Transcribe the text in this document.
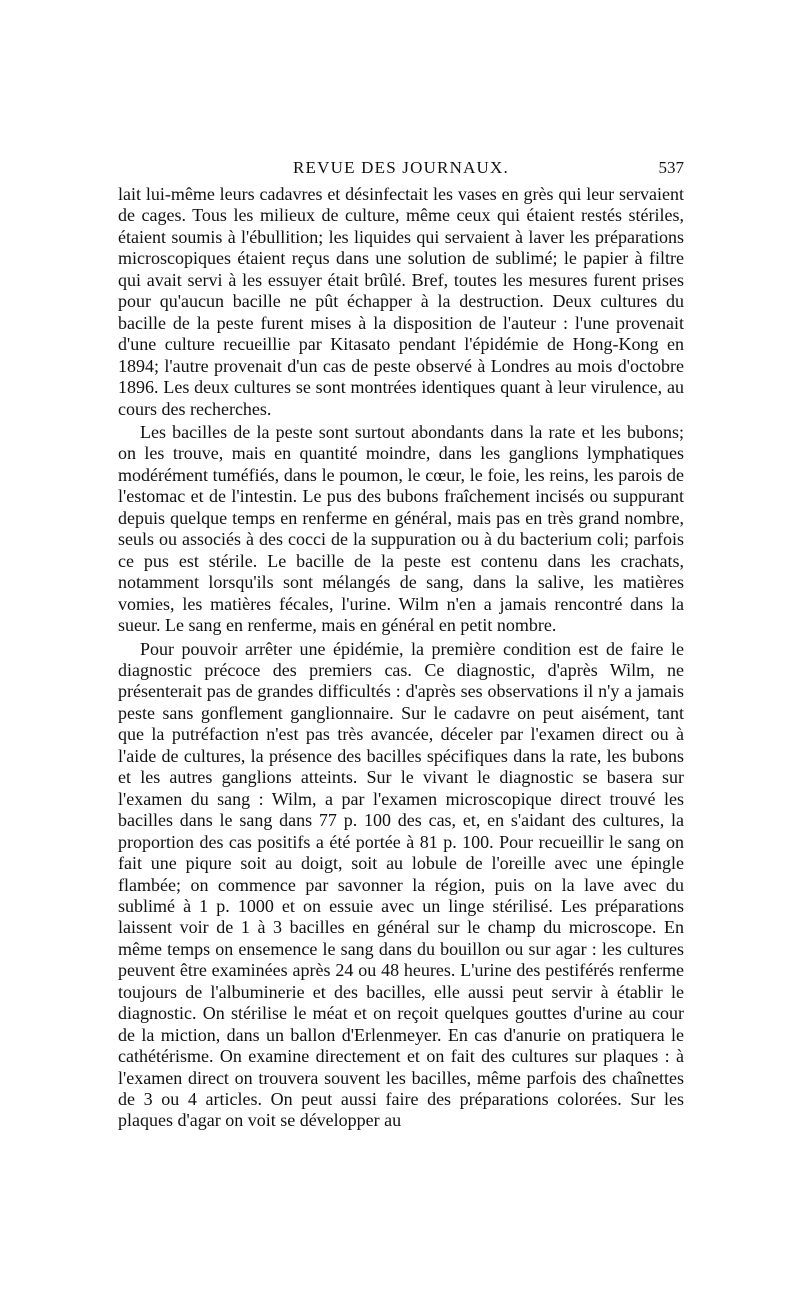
REVUE DES JOURNAUX.	537

lait lui-même leurs cadavres et désinfectait les vases en grès qui leur servaient de cages. Tous les milieux de culture, même ceux qui étaient restés stériles, étaient soumis à l'ébullition; les liquides qui servaient à laver les préparations microscopiques étaient reçus dans une solution de sublimé; le papier à filtre qui avait servi à les essuyer était brûlé. Bref, toutes les mesures furent prises pour qu'aucun bacille ne pût échapper à la destruction. Deux cultures du bacille de la peste furent mises à la disposition de l'auteur : l'une provenait d'une culture recueillie par Kitasato pendant l'épidémie de Hong-Kong en 1894; l'autre provenait d'un cas de peste observé à Londres au mois d'octobre 1896. Les deux cultures se sont montrées identiques quant à leur virulence, au cours des recherches.

Les bacilles de la peste sont surtout abondants dans la rate et les bubons; on les trouve, mais en quantité moindre, dans les ganglions lymphatiques modérément tuméfiés, dans le poumon, le cœur, le foie, les reins, les parois de l'estomac et de l'intestin. Le pus des bubons fraîchement incisés ou suppurant depuis quelque temps en renferme en général, mais pas en très grand nombre, seuls ou associés à des cocci de la suppuration ou à du bacterium coli; parfois ce pus est stérile. Le bacille de la peste est contenu dans les crachats, notamment lorsqu'ils sont mélangés de sang, dans la salive, les matières vomies, les matières fécales, l'urine. Wilm n'en a jamais rencontré dans la sueur. Le sang en renferme, mais en général en petit nombre.

Pour pouvoir arrêter une épidémie, la première condition est de faire le diagnostic précoce des premiers cas. Ce diagnostic, d'après Wilm, ne présenterait pas de grandes difficultés : d'après ses observations il n'y a jamais peste sans gonflement ganglionnaire. Sur le cadavre on peut aisément, tant que la putréfaction n'est pas très avancée, déceler par l'examen direct ou à l'aide de cultures, la présence des bacilles spécifiques dans la rate, les bubons et les autres ganglions atteints. Sur le vivant le diagnostic se basera sur l'examen du sang : Wilm, a par l'examen microscopique direct trouvé les bacilles dans le sang dans 77 p. 100 des cas, et, en s'aidant des cultures, la proportion des cas positifs a été portée à 81 p. 100. Pour recueillir le sang on fait une piqure soit au doigt, soit au lobule de l'oreille avec une épingle flambée; on commence par savonner la région, puis on la lave avec du sublimé à 1 p. 1000 et on essuie avec un linge stérilisé. Les préparations laissent voir de 1 à 3 bacilles en général sur le champ du microscope. En même temps on ensemence le sang dans du bouillon ou sur agar : les cultures peuvent être examinées après 24 ou 48 heures. L'urine des pestiférés renferme toujours de l'albuminerie et des bacilles, elle aussi peut servir à établir le diagnostic. On stérilise le méat et on reçoit quelques gouttes d'urine au cour de la miction, dans un ballon d'Erlenmeyer. En cas d'anurie on pratiquera le cathétérisme. On examine directement et on fait des cultures sur plaques : à l'examen direct on trouvera souvent les bacilles, même parfois des chaînettes de 3 ou 4 articles. On peut aussi faire des préparations colorées. Sur les plaques d'agar on voit se développer au
